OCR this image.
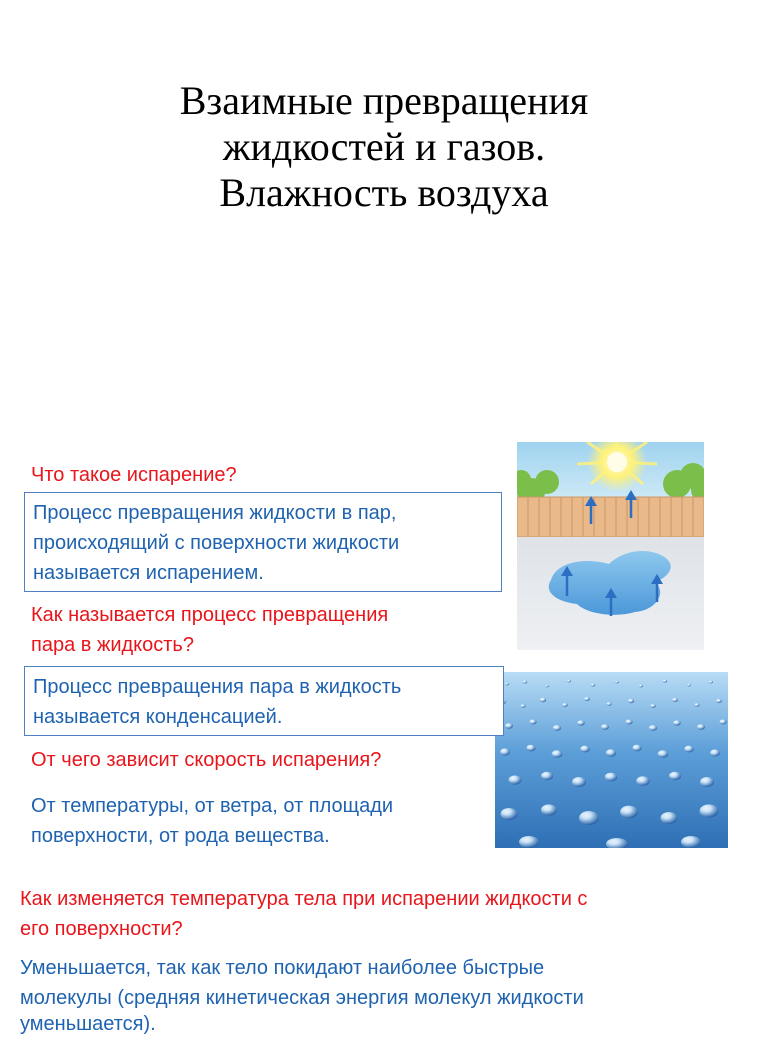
Взаимные превращения
жидкостей и газов.
Влажность воздуха
Что такое испарение?
Процесс превращения жидкости в пар,
происходящий с поверхности жидкости
называется испарением.
Как называется процесс превращения
пара в жидкость?
Процесс превращения пара в жидкость
называется конденсацией.
От чего зависит скорость испарения?
От температуры, от ветра, от площади
поверхности, от рода вещества.
Как изменяется температура тела при испарении жидкости с
его поверхности?
Уменьшается, так как тело покидают наиболее быстрые
молекулы (средняя кинетическая энергия молекул жидкости
уменьшается).
